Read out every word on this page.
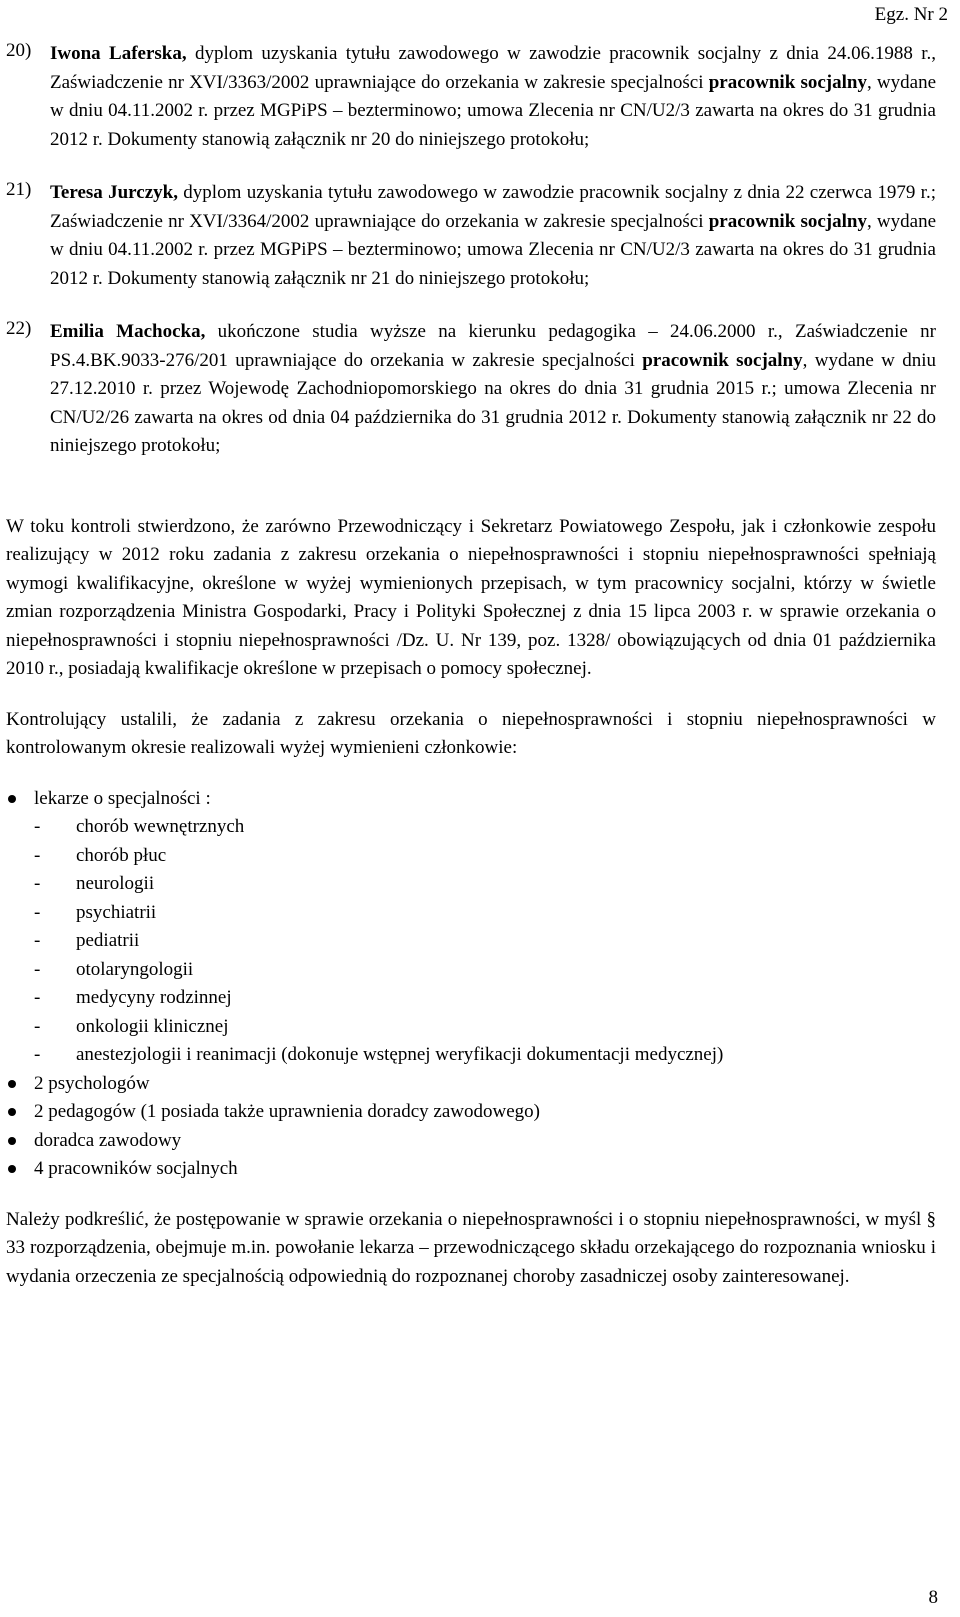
Egz. Nr 2
20) Iwona Laferska, dyplom uzyskania tytułu zawodowego w zawodzie pracownik socjalny z dnia 24.06.1988 r., Zaświadczenie nr XVI/3363/2002 uprawniające do orzekania w zakresie specjalności pracownik socjalny, wydane w dniu 04.11.2002 r. przez MGPiPS – bezterminowo; umowa Zlecenia nr CN/U2/3 zawarta na okres do 31 grudnia 2012 r. Dokumenty stanowią załącznik nr 20 do niniejszego protokołu;

21) Teresa Jurczyk, dyplom uzyskania tytułu zawodowego w zawodzie pracownik socjalny z dnia 22 czerwca 1979 r.; Zaświadczenie nr XVI/3364/2002 uprawniające do orzekania w zakresie specjalności pracownik socjalny, wydane w dniu 04.11.2002 r. przez MGPiPS – bezterminowo; umowa Zlecenia nr CN/U2/3 zawarta na okres do 31 grudnia 2012 r. Dokumenty stanowią załącznik nr 21 do niniejszego protokołu;

22) Emilia Machocka, ukończone studia wyższe na kierunku pedagogika – 24.06.2000 r., Zaświadczenie nr PS.4.BK.9033-276/201 uprawniające do orzekania w zakresie specjalności pracownik socjalny, wydane w dniu 27.12.2010 r. przez Wojewodę Zachodniopomorskiego na okres do dnia 31 grudnia 2015 r.; umowa Zlecenia nr CN/U2/26 zawarta na okres od dnia 04 października do 31 grudnia 2012 r. Dokumenty stanowią załącznik nr 22 do niniejszego protokołu;

W toku kontroli stwierdzono, że zarówno Przewodniczący i Sekretarz Powiatowego Zespołu, jak i członkowie zespołu realizujący w 2012 roku zadania z zakresu orzekania o niepełnosprawności i stopniu niepełnosprawności spełniają wymogi kwalifikacyjne, określone w wyżej wymienionych przepisach, w tym pracownicy socjalni, którzy w świetle zmian rozporządzenia Ministra Gospodarki, Pracy i Polityki Społecznej z dnia 15 lipca 2003 r. w sprawie orzekania o niepełnosprawności i stopniu niepełnosprawności /Dz. U. Nr 139, poz. 1328/ obowiązujących od dnia 01 października 2010 r., posiadają kwalifikacje określone w przepisach o pomocy społecznej.

Kontrolujący ustalili, że zadania z zakresu orzekania o niepełnosprawności i stopniu niepełnosprawności w kontrolowanym okresie realizowali wyżej wymienieni członkowie:

lekarze o specjalności :
- chorób wewnętrznych
- chorób płuc
- neurologii
- psychiatrii
- pediatrii
- otolaryngologii
- medycyny rodzinnej
- onkologii klinicznej
- anestezjologii i reanimacji (dokonuje wstępnej weryfikacji dokumentacji medycznej)
2 psychologów
2 pedagogów (1 posiada także uprawnienia doradcy zawodowego)
doradca zawodowy
4 pracowników socjalnych

Należy podkreślić, że postępowanie w sprawie orzekania o niepełnosprawności i o stopniu niepełnosprawności, w myśl § 33 rozporządzenia, obejmuje m.in. powołanie lekarza – przewodniczącego składu orzekającego do rozpoznania wniosku i wydania orzeczenia ze specjalnością odpowiednią do rozpoznanej choroby zasadniczej osoby zainteresowanej.

8
